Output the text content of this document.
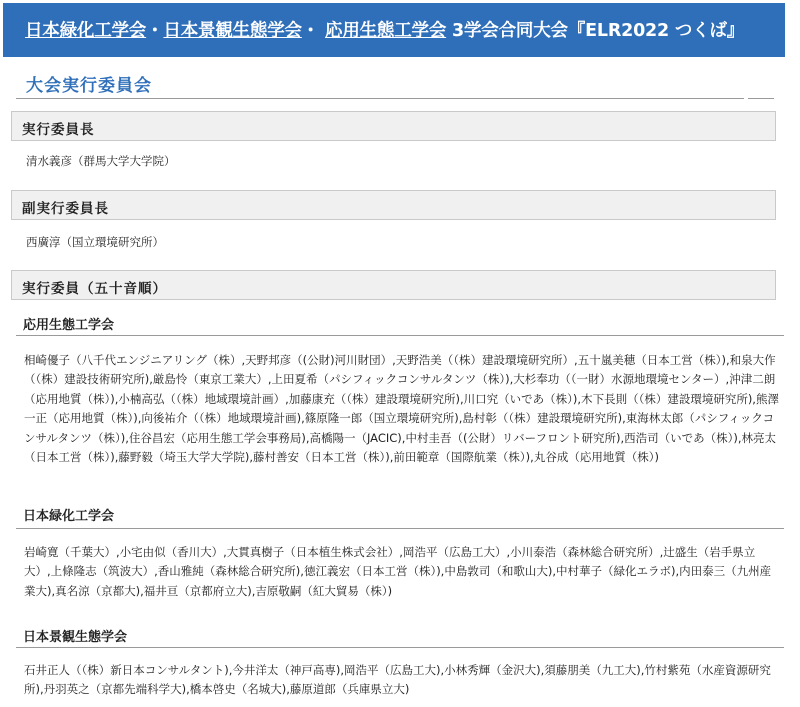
日本緑化工学会・日本景観生態学会・ 応用生態工学会 3学会合同大会『ELR2022 つくば』
大会実行委員会
実行委員長
清水義彦（群馬大学大学院）
副実行委員長
西廣淳（国立環境研究所）
実行委員（五十音順）
応用生態工学会
相崎優子（八千代エンジニアリング（株）,天野邦彦（(公財)河川財団）,天野浩美（（株）建設環境研究所）,五十嵐美穂（日本工営（株）),和泉大作（（株）建設技術研究所),厳島怜（東京工業大）,上田夏希（パシフィックコンサルタンツ（株）),大杉奉功（（一財）水源地環境センター）,沖津二朗（応用地質（株）),小楠高弘（（株）地域環境計画）,加藤康充（（株）建設環境研究所),川口究（いであ（株）),木下長則（（株）建設環境研究所),熊澤一正（応用地質（株）),向後祐介（（株）地域環境計画),篠原隆一郎（国立環境研究所),島村彰（（株）建設環境研究所),東海林太郎（パシフィックコンサルタンツ（株）),住谷昌宏（応用生態工学会事務局),高橋陽一（JACIC),中村圭吾（(公財）リバーフロント研究所),西浩司（いであ（株）),林亮太（日本工営（株）),藤野毅（埼玉大学大学院),藤村善安（日本工営（株）),前田範章（国際航業（株）),丸谷成（応用地質（株）)
日本緑化工学会
岩崎寛（千葉大）,小宅由似（香川大）,大貫真樹子（日本植生株式会社）,岡浩平（広島工大）,小川泰浩（森林総合研究所）,辻盛生（岩手県立大）,上條隆志（筑波大）,香山雅純（森林総合研究所),徳江義宏（日本工営（株）),中島敦司（和歌山大),中村華子（緑化エラボ),内田泰三（九州産業大),真名涼（京都大),福井亘（京都府立大),吉原敬嗣（紅大貿易（株）)
日本景観生態学会
石井正人（（株）新日本コンサルタント),今井洋太（神戸高専),岡浩平（広島工大),小林秀輝（金沢大),須藤朋美（九工大),竹村紫苑（水産資源研究所),丹羽英之（京都先端科学大),橋本啓史（名城大),藤原道郎（兵庫県立大)
